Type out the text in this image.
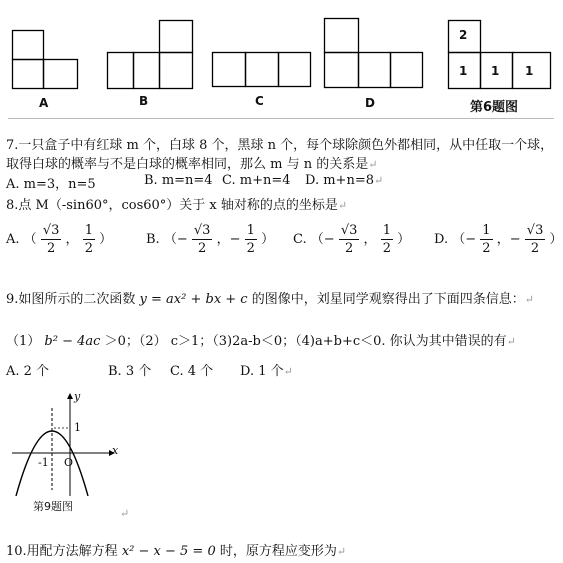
2
1 1 1
A	B	C	D	第6题图
7.一只盒子中有红球 m 个，白球 8 个，黑球 n 个，每个球除颜色外都相同，从中任取一个球，
取得白球的概率与不是白球的概率相同，那么 m 与 n 的关系是↵
A. m=3，n=5	B. m=n=4 C. m+n=4 D. m+n=8↵
8.点 M（-sin60°，cos60°）关于 x 轴对称的点的坐标是↵
A. （ $\frac{√3}{2}$ ， $\frac{1}{2}$ ）	B. （− $\frac{√3}{2}$ ，− $\frac{1}{2}$ ） C. （− $\frac{√3}{2}$ ， $\frac{1}{2}$ ） D. （− $\frac{1}{2}$ ，− $\frac{√3}{2}$ ）
9.如图所示的二次函数 y = ax² + bx + c 的图像中，刘星同学观察得出了下面四条信息：↵
（1） b² − 4ac ＞0；（2） c＞1；（3)2a-b＜0；（4)a+b+c＜0. 你认为其中错误的有↵
A. 2 个	B. 3 个 C. 4 个 D. 1 个↵
y
x
1
-1 O
第9题图
↵
10.用配方法解方程 x² − x − 5 = 0 时，原方程应变形为↵
